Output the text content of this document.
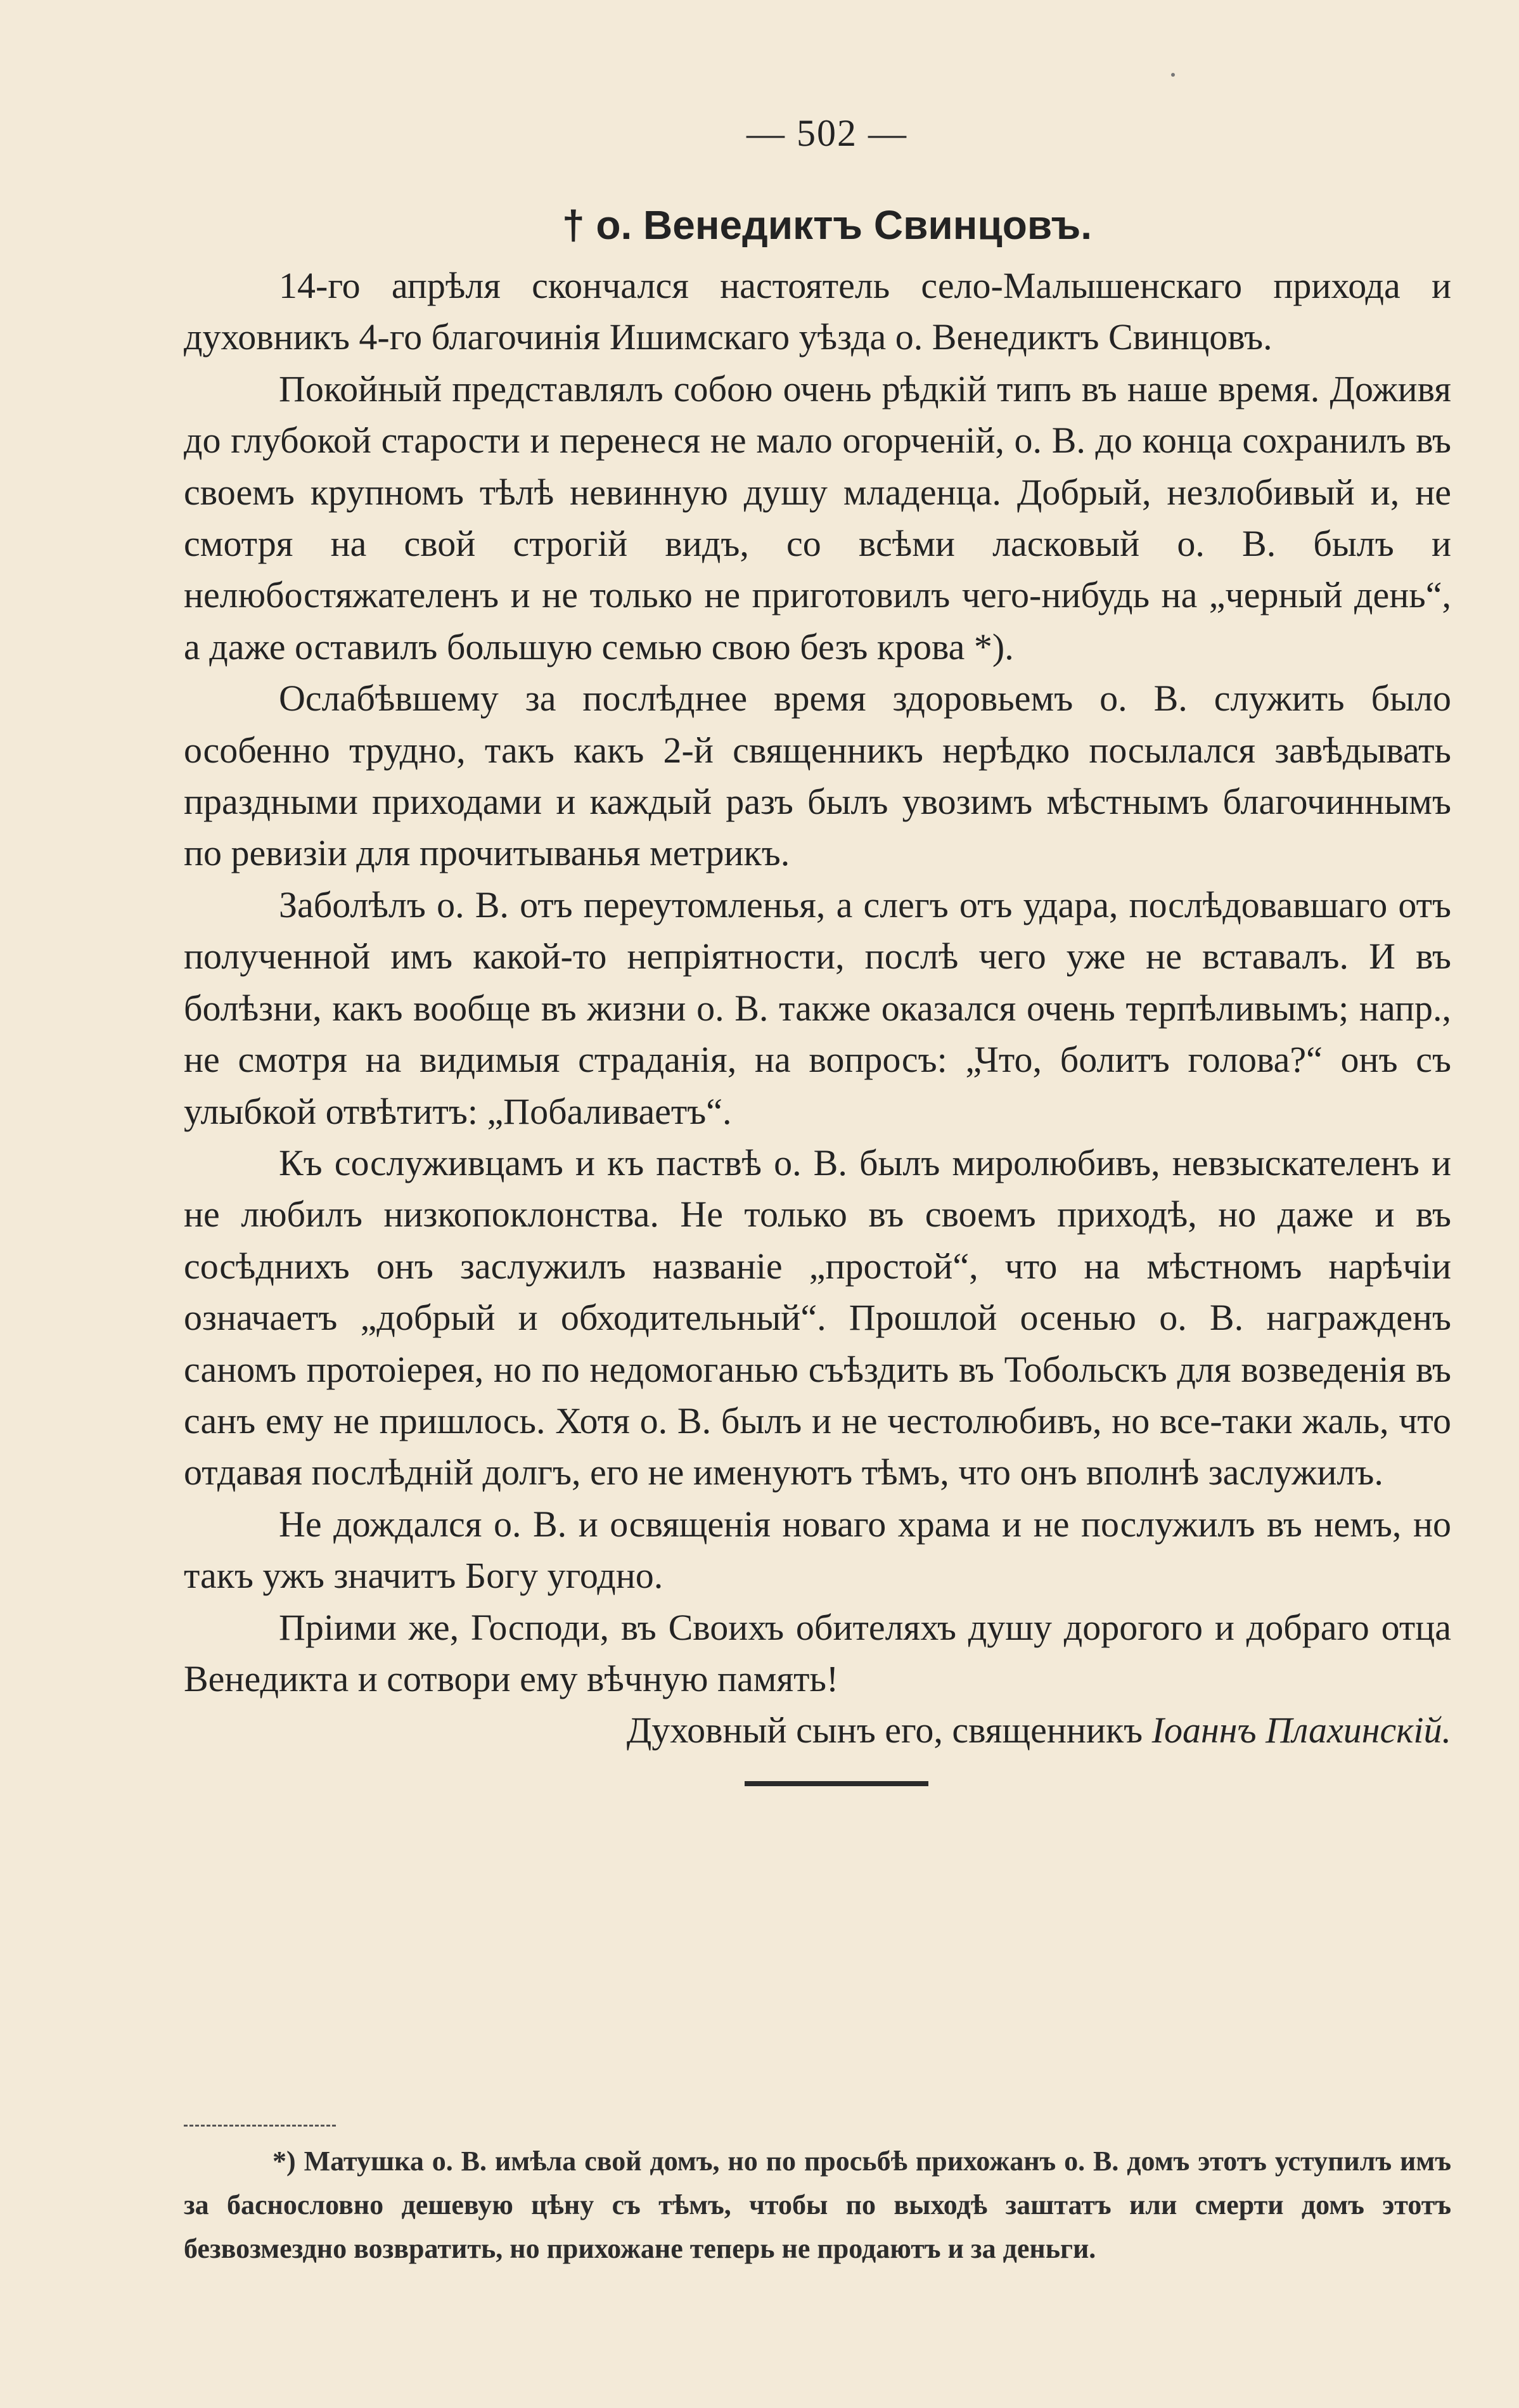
— 502 —
† о. Венедиктъ Свинцовъ.

14-го апрѣля скончался настоятель село-Малышенскаго прихода и духовникъ 4-го благочинія Ишимскаго уѣзда о. Венедиктъ Свинцовъ.

Покойный представлялъ собою очень рѣдкій типъ въ наше время. Доживя до глубокой старости и перенеся не мало огорченій, о. В. до конца сохранилъ въ своемъ крупномъ тѣлѣ невинную душу младенца. Добрый, незлобивый и, не смотря на свой строгій видъ, со всѣми ласковый о. В. былъ и нелюбостяжателенъ и не только не приготовилъ чего-нибудь на „черный день“, а даже оставилъ большую семью свою безъ крова *).

Ослабѣвшему за послѣднее время здоровьемъ о. В. служить было особенно трудно, такъ какъ 2-й священникъ нерѣдко посылался завѣдывать праздными приходами и каждый разъ былъ увозимъ мѣстнымъ благочиннымъ по ревизіи для прочитыванья метрикъ.

Заболѣлъ о. В. отъ переутомленья, а слегъ отъ удара, послѣдовавшаго отъ полученной имъ какой-то непріятности, послѣ чего уже не вставалъ. И въ болѣзни, какъ вообще въ жизни о. В. также оказался очень терпѣливымъ; напр., не смотря на видимыя страданія, на вопросъ: „Что, болитъ голова?“ онъ съ улыбкой отвѣтитъ: „Побаливаетъ“.

Къ сослуживцамъ и къ паствѣ о. В. былъ миролюбивъ, невзыскателенъ и не любилъ низкопоклонства. Не только въ своемъ приходѣ, но даже и въ сосѣднихъ онъ заслужилъ названіе „простой“, что на мѣстномъ нарѣчіи означаетъ „добрый и обходительный“. Прошлой осенью о. В. награжденъ саномъ протоіерея, но по недомоганью съѣздить въ Тобольскъ для возведенія въ санъ ему не пришлось. Хотя о. В. былъ и не честолюбивъ, но все-таки жаль, что отдавая послѣдній долгъ, его не именуютъ тѣмъ, что онъ вполнѣ заслужилъ.

Не дождался о. В. и освященія новаго храма и не послужилъ въ немъ, но такъ ужъ значитъ Богу угодно.

Пріими же, Господи, въ Своихъ обителяхъ душу дорогого и добраго отца Венедикта и сотвори ему вѣчную память!

Духовный сынъ его, священникъ Іоаннъ Плахинскій.
*) Матушка о. В. имѣла свой домъ, но по просьбѣ прихожанъ о. В. домъ этотъ уступилъ имъ за баснословно дешевую цѣну съ тѣмъ, чтобы по выходѣ заштатъ или смерти домъ этотъ безвозмездно возвратить, но прихожане теперь не продаютъ и за деньги.
